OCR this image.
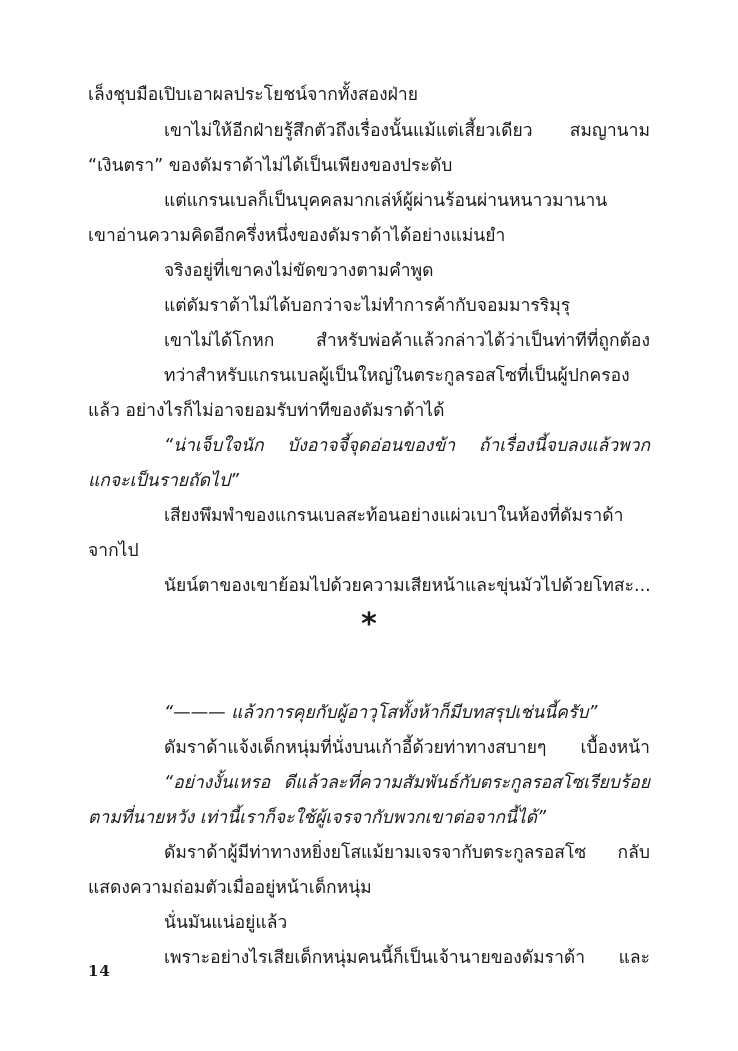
เล็งชุบมือเปิบเอาผลประโยชน์จากทั้งสองฝ่าย
เขาไม่ให้อีกฝ่ายรู้สึกตัวถึงเรื่องนั้นแม้แต่เสี้ยวเดียว สมญานาม
“เงินตรา” ของดัมราด้าไม่ได้เป็นเพียงของประดับ
แต่แกรนเบลก็เป็นบุคคลมากเล่ห์ผู้ผ่านร้อนผ่านหนาวมานาน
เขาอ่านความคิดอีกครึ่งหนึ่งของดัมราด้าได้อย่างแม่นยำ
จริงอยู่ที่เขาคงไม่ขัดขวางตามคำพูด
แต่ดัมราด้าไม่ได้บอกว่าจะไม่ทำการค้ากับจอมมารริมุรุ
เขาไม่ได้โกหก สำหรับพ่อค้าแล้วกล่าวได้ว่าเป็นท่าทีที่ถูกต้อง
ทว่าสำหรับแกรนเบลผู้เป็นใหญ่ในตระกูลรอสโซที่เป็นผู้ปกครอง
แล้ว อย่างไรก็ไม่อาจยอมรับท่าทีของดัมราด้าได้
“น่าเจ็บใจนัก บังอาจจี้จุดอ่อนของข้า ถ้าเรื่องนี้จบลงแล้วพวก
แกจะเป็นรายถัดไป”
เสียงพึมพำของแกรนเบลสะท้อนอย่างแผ่วเบาในห้องที่ดัมราด้า
จากไป
นัยน์ตาของเขาย้อมไปด้วยความเสียหน้าและขุ่นมัวไปด้วยโทสะ...
*
“——— แล้วการคุยกับผู้อาวุโสทั้งห้าก็มีบทสรุปเช่นนี้ครับ”
ดัมราด้าแจ้งเด็กหนุ่มที่นั่งบนเก้าอี้ด้วยท่าทางสบายๆ เบื้องหน้า
“อย่างงั้นเหรอ ดีแล้วละที่ความสัมพันธ์กับตระกูลรอสโซเรียบร้อย
ตามที่นายหวัง เท่านี้เราก็จะใช้ผู้เจรจากับพวกเขาต่อจากนี้ได้”
ดัมราด้าผู้มีท่าทางหยิ่งยโสแม้ยามเจรจากับตระกูลรอสโซ กลับ
แสดงความถ่อมตัวเมื่ออยู่หน้าเด็กหนุ่ม
นั่นมันแน่อยู่แล้ว
เพราะอย่างไรเสียเด็กหนุ่มคนนี้ก็เป็นเจ้านายของดัมราด้า และ
14
